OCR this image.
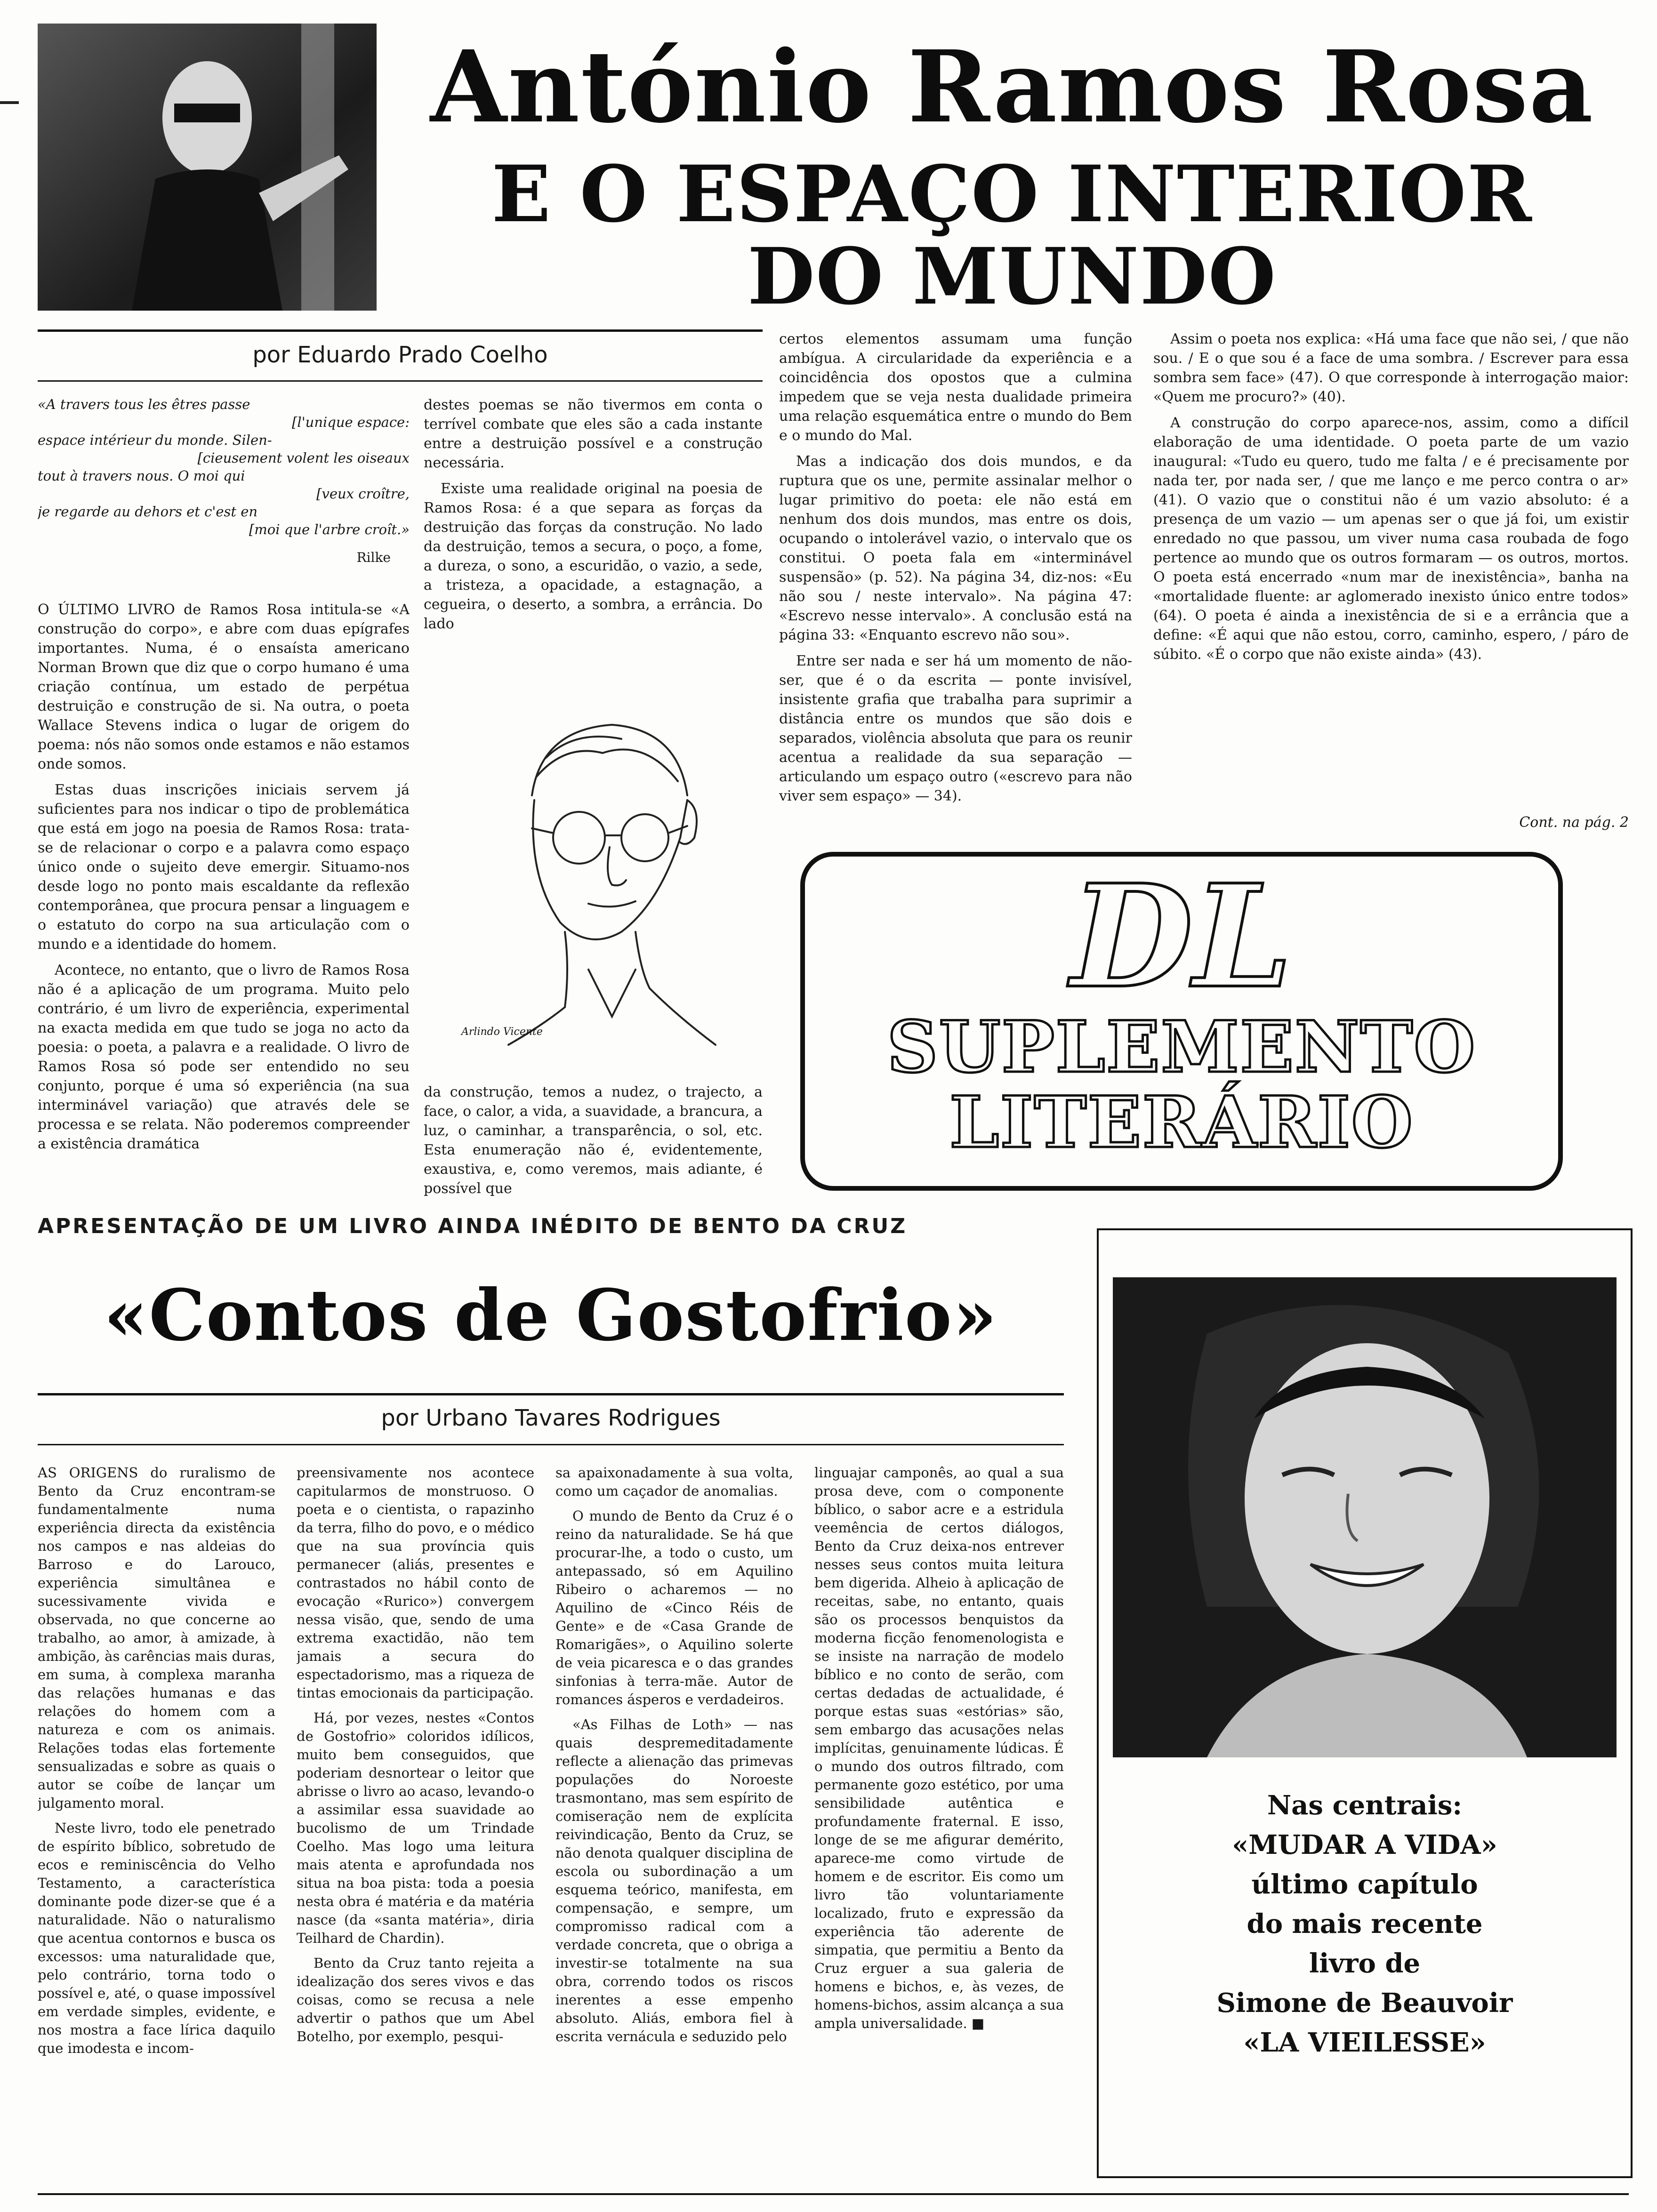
António Ramos Rosa
E O ESPAÇO INTERIOR
DO MUNDO
por Eduardo Prado Coelho
«A travers tous les êtres passe
[l'unique espace:
espace intérieur du monde. Silen-
[cieusement volent les oiseaux
tout à travers nous. O moi qui
[veux croître,
je regarde au dehors et c'est en
[moi que l'arbre croît.»
Rilke

O ÚLTIMO LIVRO de Ramos Rosa intitula-se «A construção do corpo», e abre com duas epígrafes importantes. Numa, é o ensaísta americano Norman Brown que diz que o corpo humano é uma criação contínua, um estado de perpétua destruição e construção de si. Na outra, o poeta Wallace Stevens indica o lugar de origem do poema: nós não somos onde estamos e não estamos onde somos.

Estas duas inscrições iniciais servem já suficientes para nos indicar o tipo de problemática que está em jogo na poesia de Ramos Rosa: trata-se de relacionar o corpo e a palavra como espaço único onde o sujeito deve emergir. Situamo-nos desde logo no ponto mais escaldante da reflexão contemporânea, que procura pensar a linguagem e o estatuto do corpo na sua articulação com o mundo e a identidade do homem.

Acontece, no entanto, que o livro de Ramos Rosa não é a aplicação de um programa. Muito pelo contrário, é um livro de experiência, experimental na exacta medida em que tudo se joga no acto da poesia: o poeta, a palavra e a realidade. O livro de Ramos Rosa só pode ser entendido no seu conjunto, porque é uma só experiência (na sua interminável variação) que através dele se processa e se relata. Não poderemos compreender a existência dramática

destes poemas se não tivermos em conta o terrível combate que eles são a cada instante entre a destruição possível e a construção necessária.

Existe uma realidade original na poesia de Ramos Rosa: é a que separa as forças da destruição das forças da construção. No lado da destruição, temos a secura, o poço, a fome, a dureza, o sono, a escuridão, o vazio, a sede, a tristeza, a opacidade, a estagnação, a cegueira, o deserto, a sombra, a errância. Do lado

Arlindo Vicente

da construção, temos a nudez, o trajecto, a face, o calor, a vida, a suavidade, a brancura, a luz, o caminhar, a transparência, o sol, etc. Esta enumeração não é, evidentemente, exaustiva, e, como veremos, mais adiante, é possível que

certos elementos assumam uma função ambígua. A circularidade da experiência e a coincidência dos opostos que a culmina impedem que se veja nesta dualidade primeira uma relação esquemática entre o mundo do Bem e o mundo do Mal.

Mas a indicação dos dois mundos, e da ruptura que os une, permite assinalar melhor o lugar primitivo do poeta: ele não está em nenhum dos dois mundos, mas entre os dois, ocupando o intolerável vazio, o intervalo que os constitui. O poeta fala em «interminável suspensão» (p. 52). Na página 34, diz-nos: «Eu não sou / neste intervalo». Na página 47: «Escrevo nesse intervalo». A conclusão está na página 33: «Enquanto escrevo não sou».

Entre ser nada e ser há um momento de não-ser, que é o da escrita — ponte invisível, insistente grafia que trabalha para suprimir a distância entre os mundos que são dois e separados, violência absoluta que para os reunir acentua a realidade da sua separação — articulando um espaço outro («escrevo para não viver sem espaço» — 34).

Assim o poeta nos explica: «Há uma face que não sei, / que não sou. / E o que sou é a face de uma sombra. / Escrever para essa sombra sem face» (47). O que corresponde à interrogação maior: «Quem me procuro?» (40).

A construção do corpo aparece-nos, assim, como a difícil elaboração de uma identidade. O poeta parte de um vazio inaugural: «Tudo eu quero, tudo me falta / e é precisamente por nada ter, por nada ser, / que me lanço e me perco contra o ar» (41). O vazio que o constitui não é um vazio absoluto: é a presença de um vazio — um apenas ser o que já foi, um existir enredado no que passou, um viver numa casa roubada de fogo pertence ao mundo que os outros formaram — os outros, mortos. O poeta está encerrado «num mar de inexistência», banha na «mortalidade fluente: ar aglomerado inexisto único entre todos» (64). O poeta é ainda a inexistência de si e a errância que a define: «É aqui que não estou, corro, caminho, espero, / páro de súbito. «É o corpo que não existe ainda» (43).

Cont. na pág. 2
DL
SUPLEMENTO
LITERÁRIO
APRESENTAÇÃO DE UM LIVRO AINDA INÉDITO DE BENTO DA CRUZ
«Contos de Gostofrio»
por Urbano Tavares Rodrigues

AS ORIGENS do ruralismo de Bento da Cruz encontram-se fundamentalmente numa experiência directa da existência nos campos e nas aldeias do Barroso e do Larouco, experiência simultânea e sucessivamente vivida e observada, no que concerne ao trabalho, ao amor, à amizade, à ambição, às carências mais duras, em suma, à complexa maranha das relações humanas e das relações do homem com a natureza e com os animais. Relações todas elas fortemente sensualizadas e sobre as quais o autor se coíbe de lançar um julgamento moral.

Neste livro, todo ele penetrado de espírito bíblico, sobretudo de ecos e reminiscência do Velho Testamento, a característica dominante pode dizer-se que é a naturalidade. Não o naturalismo que acentua contornos e busca os excessos: uma naturalidade que, pelo contrário, torna todo o possível e, até, o quase impossível em verdade simples, evidente, e nos mostra a face lírica daquilo que imodesta e incom-

preensivamente nos acontece capitularmos de monstruoso. O poeta e o cientista, o rapazinho da terra, filho do povo, e o médico que na sua província quis permanecer (aliás, presentes e contrastados no hábil conto de evocação «Rurico») convergem nessa visão, que, sendo de uma extrema exactidão, não tem jamais a secura do espectadorismo, mas a riqueza de tintas emocionais da participação.

Há, por vezes, nestes «Contos de Gostofrio» coloridos idílicos, muito bem conseguidos, que poderiam desnortear o leitor que abrisse o livro ao acaso, levando-o a assimilar essa suavidade ao bucolismo de um Trindade Coelho. Mas logo uma leitura mais atenta e aprofundada nos situa na boa pista: toda a poesia nesta obra é matéria e da matéria nasce (da «santa matéria», diria Teilhard de Chardin).

Bento da Cruz tanto rejeita a idealização dos seres vivos e das coisas, como se recusa a nele advertir o pathos que um Abel Botelho, por exemplo, pesqui-

sa apaixonadamente à sua volta, como um caçador de anomalias.

O mundo de Bento da Cruz é o reino da naturalidade. Se há que procurar-lhe, a todo o custo, um antepassado, só em Aquilino Ribeiro o acharemos — no Aquilino de «Cinco Réis de Gente» e de «Casa Grande de Romarigães», o Aquilino solerte de veia picaresca e o das grandes sinfonias à terra-mãe. Autor de romances ásperos e verdadeiros.

«As Filhas de Loth» — nas quais despremeditadamente reflecte a alienação das primevas populações do Noroeste trasmontano, mas sem espírito de comiseração nem de explícita reivindicação, Bento da Cruz, se não denota qualquer disciplina de escola ou subordinação a um esquema teórico, manifesta, em compensação, e sempre, um compromisso radical com a verdade concreta, que o obriga a investir-se totalmente na sua obra, correndo todos os riscos inerentes a esse empenho absoluto. Aliás, embora fiel à escrita vernácula e seduzido pelo

linguajar camponês, ao qual a sua prosa deve, com o componente bíblico, o sabor acre e a estridula veemência de certos diálogos, Bento da Cruz deixa-nos entrever nesses seus contos muita leitura bem digerida. Alheio à aplicação de receitas, sabe, no entanto, quais são os processos benquistos da moderna ficção fenomenologista e se insiste na narração de modelo bíblico e no conto de serão, com certas dedadas de actualidade, é porque estas suas «estórias» são, sem embargo das acusações nelas implícitas, genuinamente lúdicas. É o mundo dos outros filtrado, com permanente gozo estético, por uma sensibilidade autêntica e profundamente fraternal. E isso, longe de se me afigurar demérito, aparece-me como virtude de homem e de escritor. Eis como um livro tão voluntariamente localizado, fruto e expressão da experiência tão aderente de simpatia, que permitiu a Bento da Cruz erguer a sua galeria de homens e bichos, e, às vezes, de homens-bichos, assim alcança a sua ampla universalidade. ■

Nas centrais:
«MUDAR A VIDA»
último capítulo
do mais recente
livro de
Simone de Beauvoir
«LA VIEILESSE»
